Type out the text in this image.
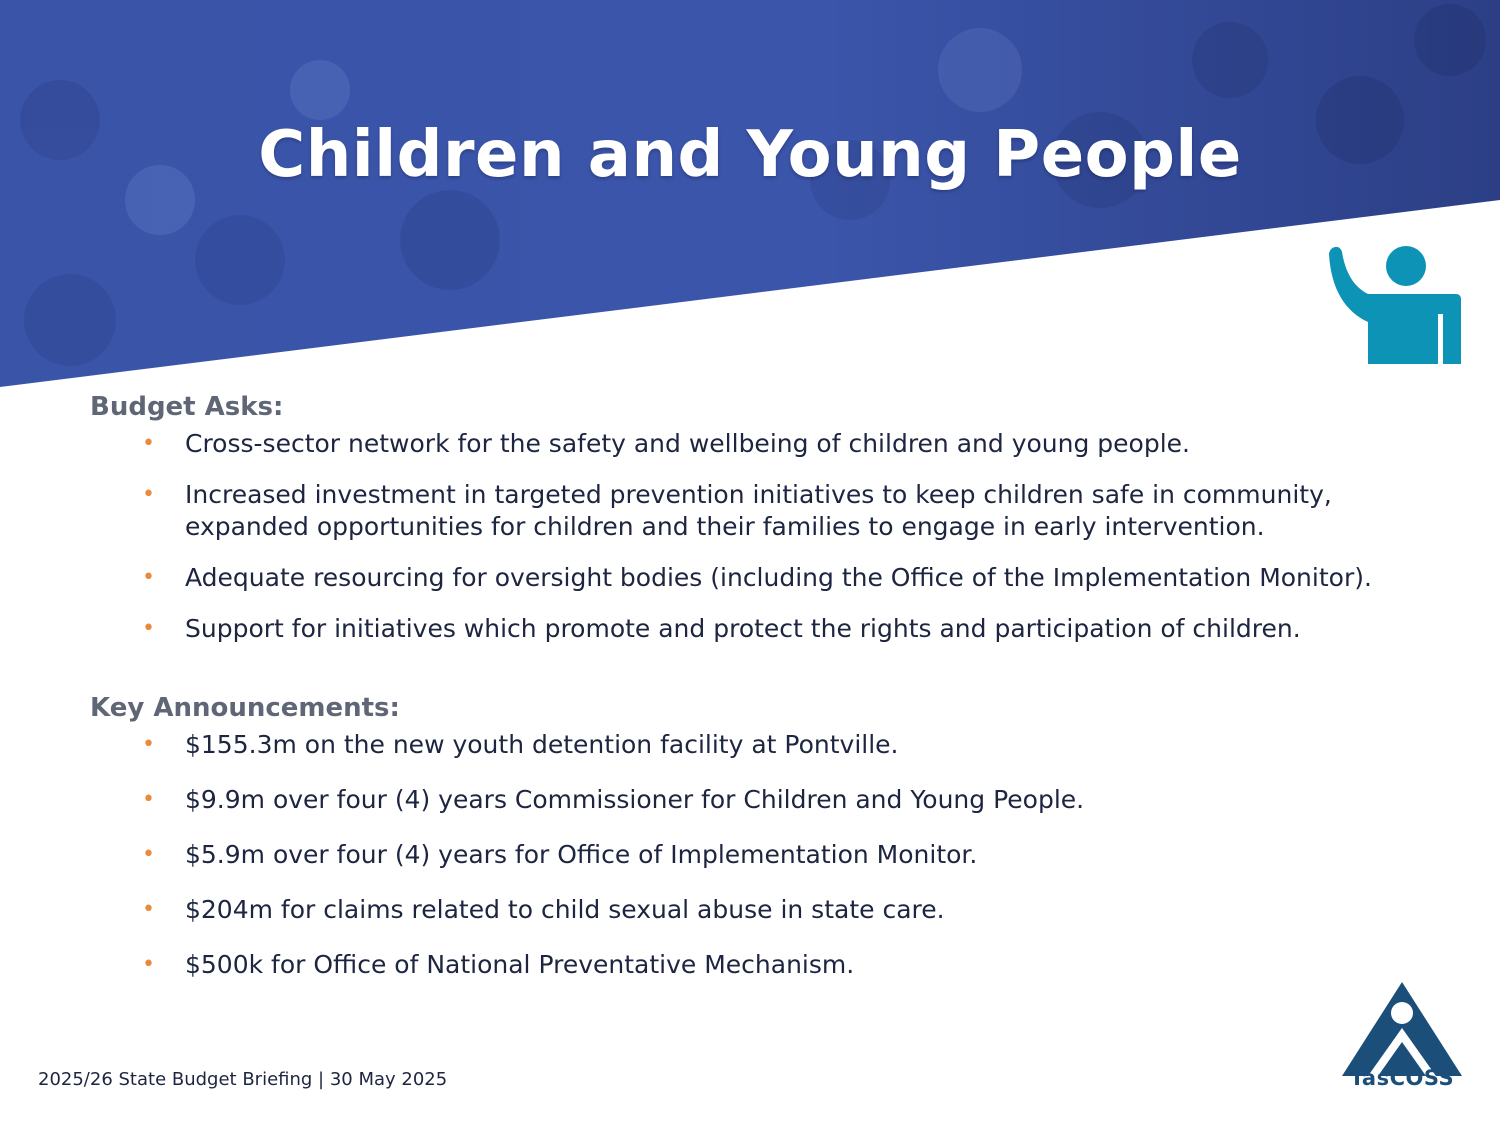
Children and Young People
Budget Asks:
• Cross-sector network for the safety and wellbeing of children and young people.
• Increased investment in targeted prevention initiatives to keep children safe in community, expanded opportunities for children and their families to engage in early intervention.
• Adequate resourcing for oversight bodies (including the Office of the Implementation Monitor).
• Support for initiatives which promote and protect the rights and participation of children.
Key Announcements:
• $155.3m on the new youth detention facility at Pontville.
• $9.9m over four (4) years Commissioner for Children and Young People.
• $5.9m over four (4) years for Office of Implementation Monitor.
• $204m for claims related to child sexual abuse in state care.
• $500k for Office of National Preventative Mechanism.
2025/26 State Budget Briefing | 30 May 2025	TasCOSS
